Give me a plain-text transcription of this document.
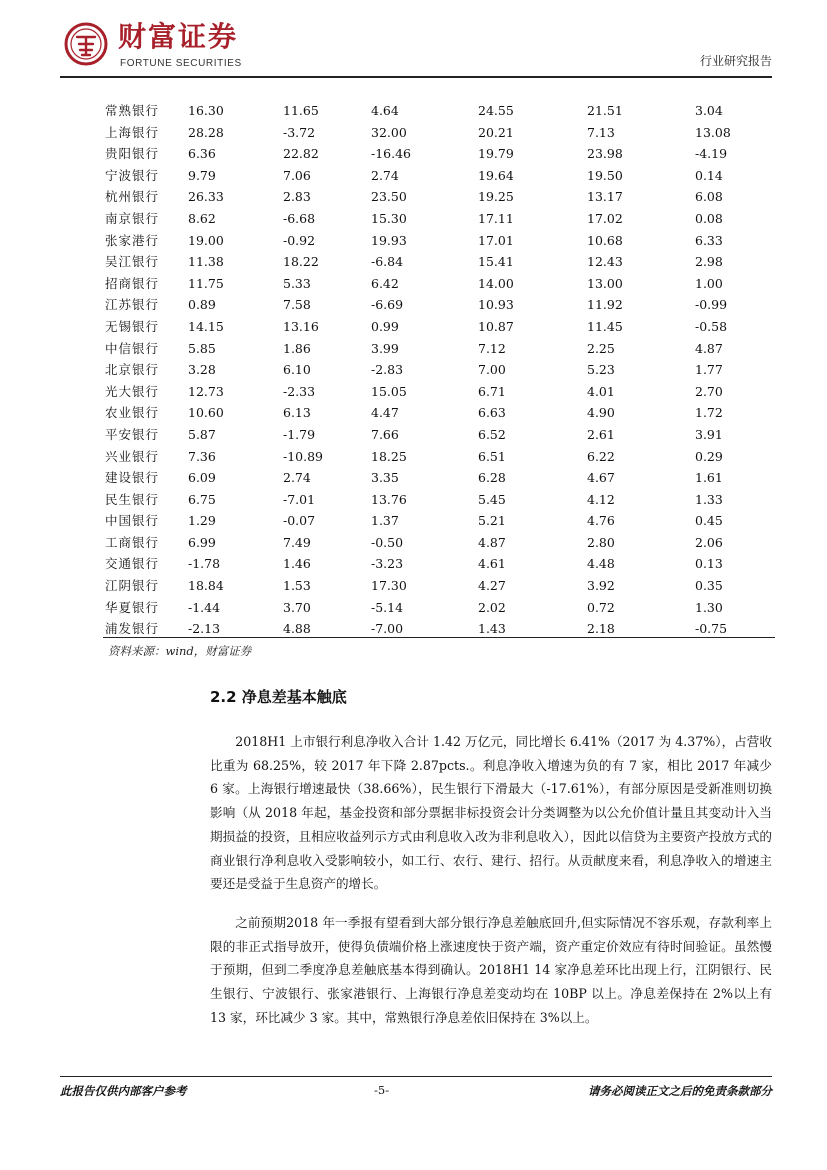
财富证券
FORTUNE SECURITIES	行业研究报告
常熟银行 16.30	11.65	4.64	24.55	21.51	3.04
上海银行 28.28	-3.72	32.00	20.21	7.13	13.08
贵阳银行 6.36	22.82	-16.46	19.79	23.98	-4.19
宁波银行 9.79	7.06	2.74	19.64	19.50	0.14
杭州银行 26.33	2.83	23.50	19.25	13.17	6.08
南京银行 8.62	-6.68	15.30	17.11	17.02	0.08
张家港行 19.00	-0.92	19.93	17.01	10.68	6.33
吴江银行 11.38	18.22	-6.84	15.41	12.43	2.98
招商银行 11.75	5.33	6.42	14.00	13.00	1.00
江苏银行 0.89	7.58	-6.69	10.93	11.92	-0.99
无锡银行 14.15	13.16	0.99	10.87	11.45	-0.58
中信银行 5.85	1.86	3.99	7.12	2.25	4.87
北京银行 3.28	6.10	-2.83	7.00	5.23	1.77
光大银行 12.73	-2.33	15.05	6.71	4.01	2.70
农业银行 10.60	6.13	4.47	6.63	4.90	1.72
平安银行 5.87	-1.79	7.66	6.52	2.61	3.91
兴业银行 7.36	-10.89	18.25	6.51	6.22	0.29
建设银行 6.09	2.74	3.35	6.28	4.67	1.61
民生银行 6.75	-7.01	13.76	5.45	4.12	1.33
中国银行 1.29	-0.07	1.37	5.21	4.76	0.45
工商银行 6.99	7.49	-0.50	4.87	2.80	2.06
交通银行 -1.78	1.46	-3.23	4.61	4.48	0.13
江阴银行 18.84	1.53	17.30	4.27	3.92	0.35
华夏银行 -1.44	3.70	-5.14	2.02	0.72	1.30
浦发银行 -2.13	4.88	-7.00	1.43	2.18	-0.75
资料来源：wind，财富证券
2.2 净息差基本触底

2018H1 上市银行利息净收入合计 1.42 万亿元，同比增长 6.41%（2017 为 4.37%），占营收比重为 68.25%，较 2017 年下降 2.87pcts.。利息净收入增速为负的有 7 家，相比 2017 年减少 6 家。上海银行增速最快（38.66%），民生银行下滑最大（-17.61%），有部分原因是受新准则切换影响（从 2018 年起，基金投资和部分票据非标投资会计分类调整为以公允价值计量且其变动计入当期损益的投资，且相应收益列示方式由利息收入改为非利息收入），因此以信贷为主要资产投放方式的商业银行净利息收入受影响较小，如工行、农行、建行、招行。从贡献度来看，利息净收入的增速主要还是受益于生息资产的增长。

之前预期2018 年一季报有望看到大部分银行净息差触底回升,但实际情况不容乐观，存款利率上限的非正式指导放开，使得负债端价格上涨速度快于资产端，资产重定价效应有待时间验证。虽然慢于预期，但到二季度净息差触底基本得到确认。2018H1 14 家净息差环比出现上行，江阴银行、民生银行、宁波银行、张家港银行、上海银行净息差变动均在 10BP 以上。净息差保持在 2%以上有 13 家，环比减少 3 家。其中，常熟银行净息差依旧保持在 3%以上。

此报告仅供内部客户参考	-5-	请务必阅读正文之后的免责条款部分
